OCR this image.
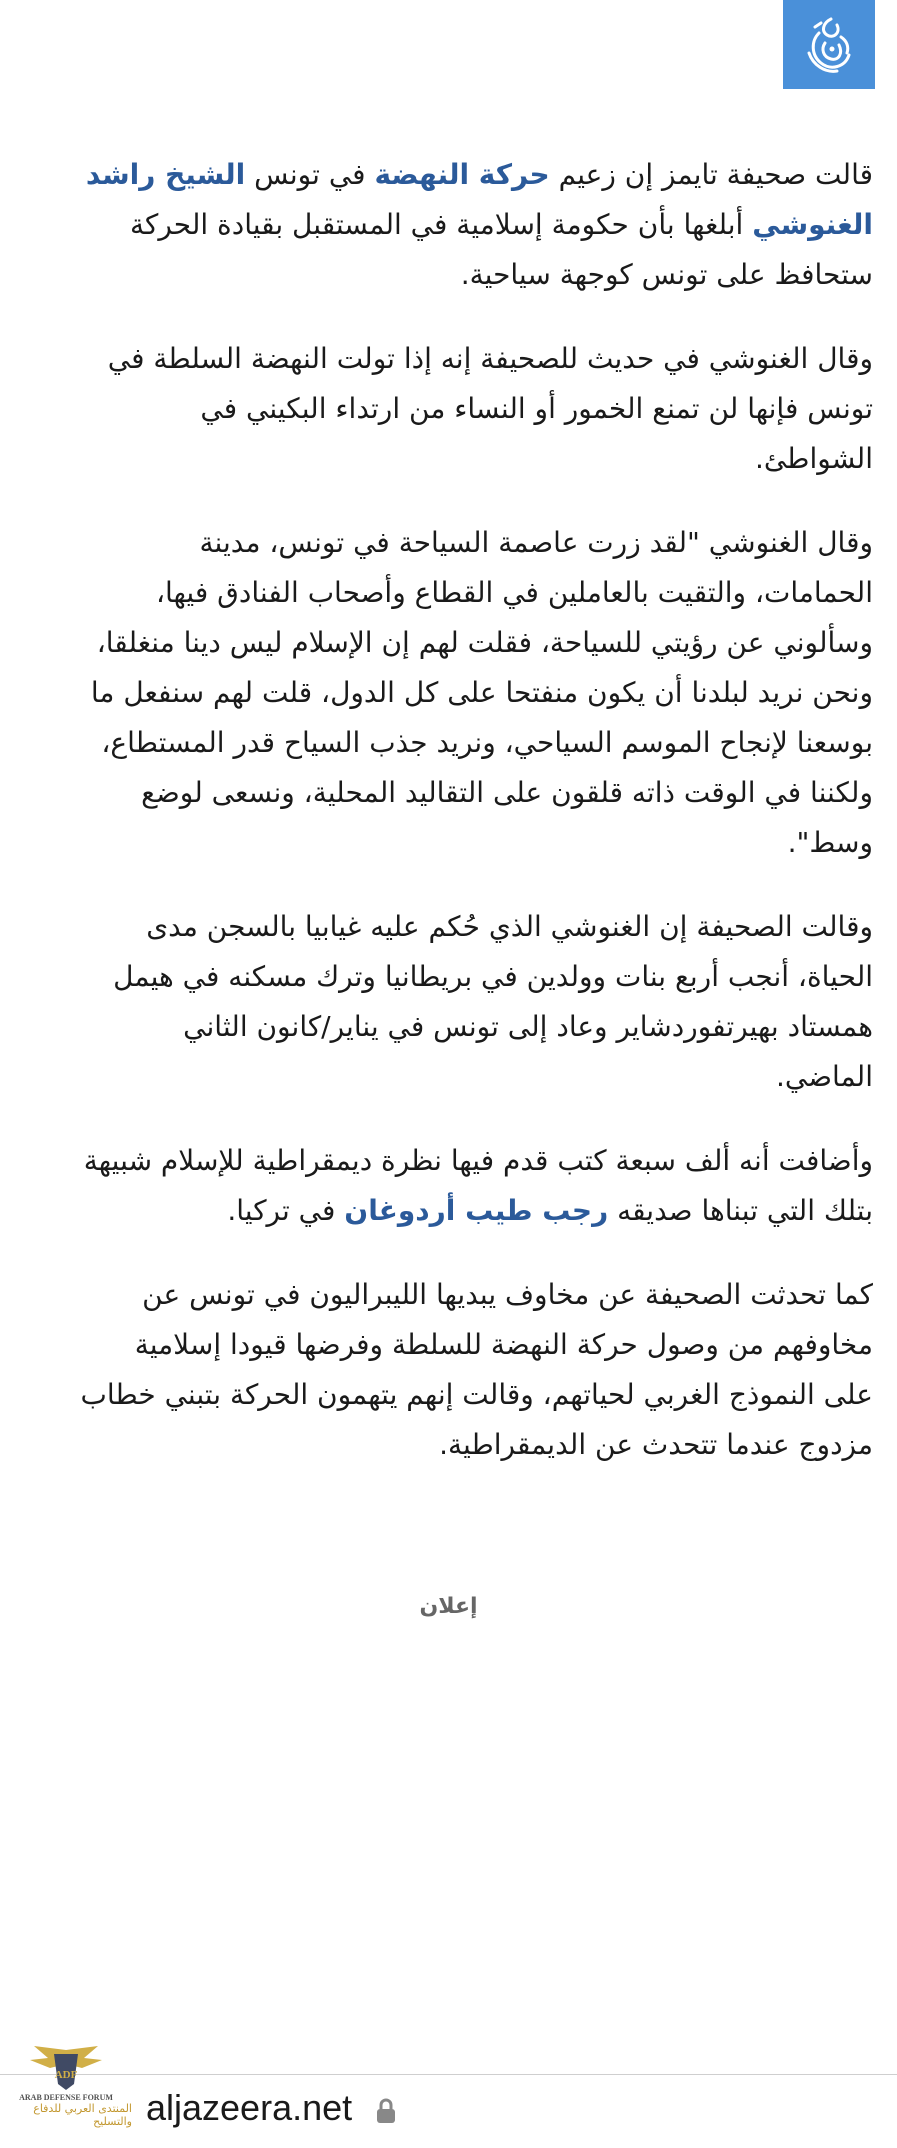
قالت صحيفة تايمز إن زعيم حركة النهضة في تونس الشيخ راشد الغنوشي أبلغها بأن حكومة إسلامية في المستقبل بقيادة الحركة ستحافظ على تونس كوجهة سياحية.

وقال الغنوشي في حديث للصحيفة إنه إذا تولت النهضة السلطة في تونس فإنها لن تمنع الخمور أو النساء من ارتداء البكيني في الشواطئ.

وقال الغنوشي "لقد زرت عاصمة السياحة في تونس، مدينة الحمامات، والتقيت بالعاملين في القطاع وأصحاب الفنادق فيها، وسألوني عن رؤيتي للسياحة، فقلت لهم إن الإسلام ليس دينا منغلقا، ونحن نريد لبلدنا أن يكون منفتحا على كل الدول، قلت لهم سنفعل ما بوسعنا لإنجاح الموسم السياحي، ونريد جذب السياح قدر المستطاع، ولكننا في الوقت ذاته قلقون على التقاليد المحلية، ونسعى لوضع وسط".

وقالت الصحيفة إن الغنوشي الذي حُكم عليه غيابيا بالسجن مدى الحياة، أنجب أربع بنات وولدين في بريطانيا وترك مسكنه في هيمل همستاد بهيرتفوردشاير وعاد إلى تونس في يناير/كانون الثاني الماضي.

وأضافت أنه ألف سبعة كتب قدم فيها نظرة ديمقراطية للإسلام شبيهة بتلك التي تبناها صديقه رجب طيب أردوغان في تركيا.

كما تحدثت الصحيفة عن مخاوف يبديها الليبراليون في تونس عن مخاوفهم من وصول حركة النهضة للسلطة وفرضها قيودا إسلامية على النموذج الغربي لحياتهم، وقالت إنهم يتهمون الحركة بتبني خطاب مزدوج عندما تتحدث عن الديمقراطية.

إعلان
aljazeera.net
ADF
ARAB DEFENSE FORUM
المنتدى العربي للدفاع والتسليح
